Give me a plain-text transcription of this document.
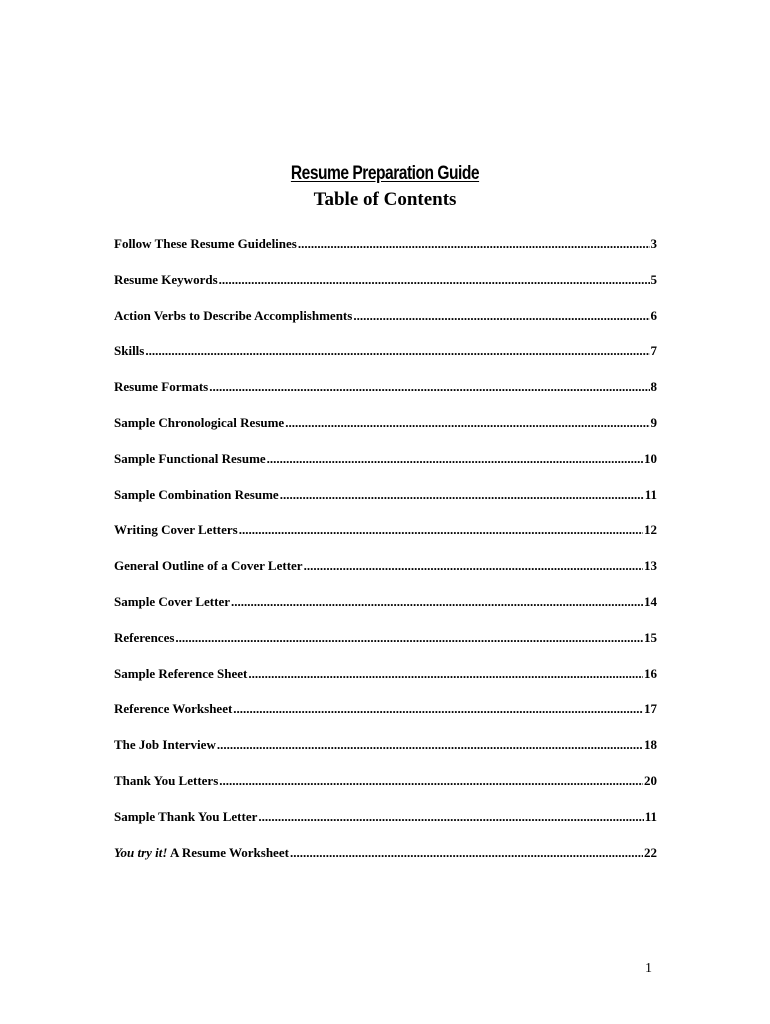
Resume Preparation Guide
Table of Contents
Follow These Resume Guidelines .....	3
Resume Keywords .....	5
Action Verbs to Describe Accomplishments .....	6
Skills .....	7
Resume Formats .....	8
Sample Chronological Resume .....	9
Sample Functional Resume .....	10
Sample Combination Resume .....	11
Writing Cover Letters .....	12
General Outline of a Cover Letter .....	13
Sample Cover Letter .....	14
References .....	15
Sample Reference Sheet .....	16
Reference Worksheet .....	17
The Job Interview .....	18
Thank You Letters .....	20
Sample Thank You Letter .....	11
You try it! A Resume Worksheet .....	22
1
